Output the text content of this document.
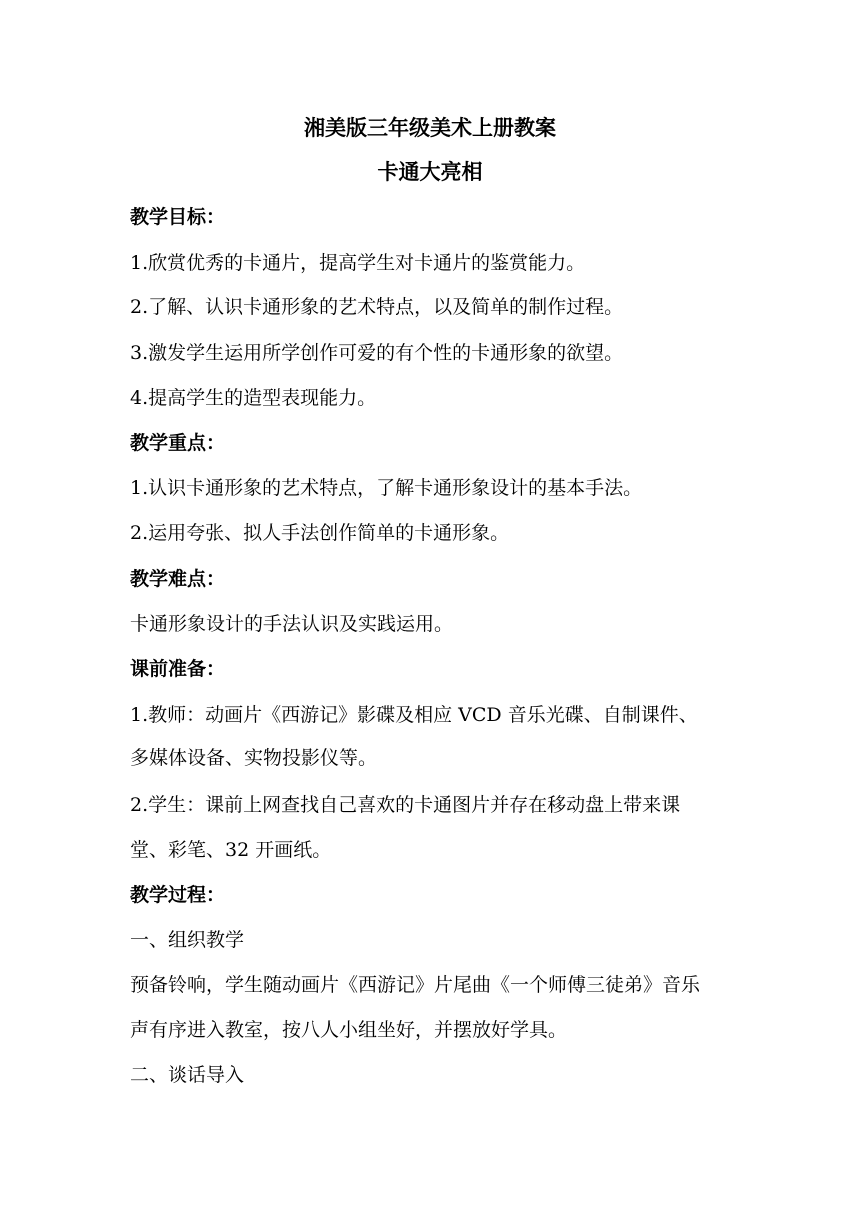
湘美版三年级美术上册教案
卡通大亮相
教学目标：
1.欣赏优秀的卡通片，提高学生对卡通片的鉴赏能力。
2.了解、认识卡通形象的艺术特点，以及简单的制作过程。
3.激发学生运用所学创作可爱的有个性的卡通形象的欲望。
4.提高学生的造型表现能力。
教学重点：
1.认识卡通形象的艺术特点，了解卡通形象设计的基本手法。
2.运用夸张、拟人手法创作简单的卡通形象。
教学难点：
卡通形象设计的手法认识及实践运用。
课前准备：
1.教师：动画片《西游记》影碟及相应 VCD 音乐光碟、自制课件、
多媒体设备、实物投影仪等。
2.学生：课前上网查找自己喜欢的卡通图片并存在移动盘上带来课
堂、彩笔、32 开画纸。
教学过程：
一、组织教学
预备铃响，学生随动画片《西游记》片尾曲《一个师傅三徒弟》音乐
声有序进入教室，按八人小组坐好，并摆放好学具。
二、谈话导入
